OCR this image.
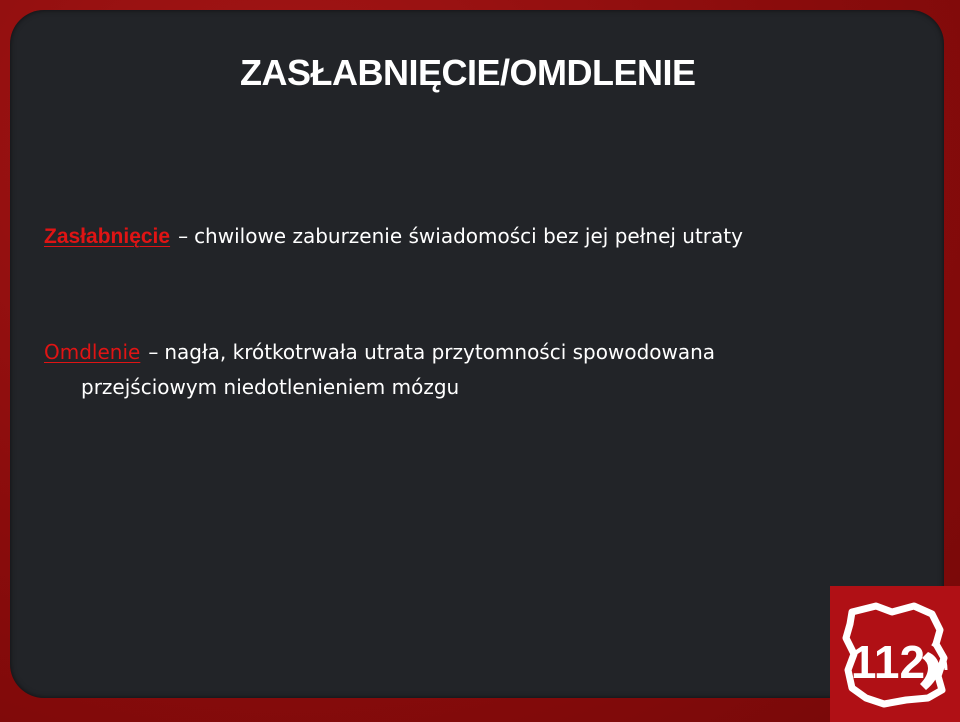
ZASŁABNIĘCIE/OMDLENIE
Zasłabnięcie – chwilowe zaburzenie świadomości bez jej pełnej utraty
Omdlenie – nagła, krótkotrwała utrata przytomności spowodowana
przejściowym niedotlenieniem mózgu
112
